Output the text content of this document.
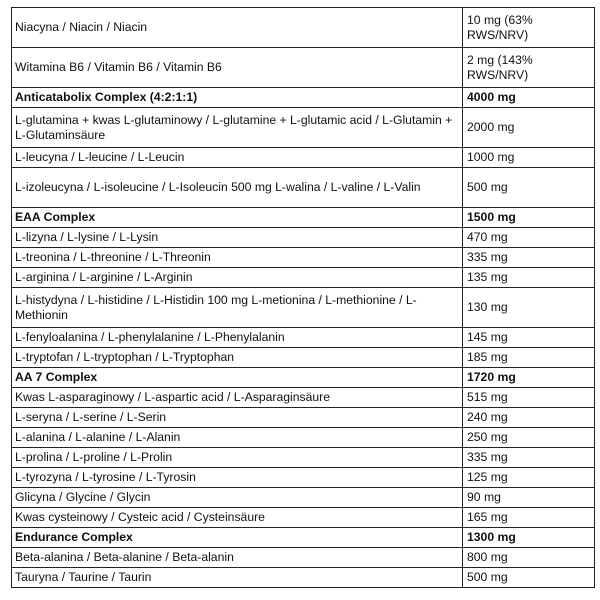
Niacyna / Niacin / Niacin	10 mg (63% RWS/NRV)
Witamina B6 / Vitamin B6 / Vitamin B6	2 mg (143% RWS/NRV)
Anticatabolix Complex (4:2:1:1)	4000 mg
L-glutamina + kwas L-glutaminowy / L-glutamine + L-glutamic acid / L-Glutamin + L-Glutaminsäure	2000 mg
L-leucyna / L-leucine / L-Leucin	1000 mg
L-izoleucyna / L-isoleucine / L-Isoleucin 500 mg L-walina / L-valine / L-Valin	500 mg
EAA Complex	1500 mg
L-lizyna / L-lysine / L-Lysin	470 mg
L-treonina / L-threonine / L-Threonin	335 mg
L-arginina / L-arginine / L-Arginin	135 mg
L-histydyna / L-histidine / L-Histidin 100 mg L-metionina / L-methionine / L-Methionin	130 mg
L-fenyloalanina / L-phenylalanine / L-Phenylalanin	145 mg
L-tryptofan / L-tryptophan / L-Tryptophan	185 mg
AA 7 Complex	1720 mg
Kwas L-asparaginowy / L-aspartic acid / L-Asparaginsäure	515 mg
L-seryna / L-serine / L-Serin	240 mg
L-alanina / L-alanine / L-Alanin	250 mg
L-prolina / L-proline / L-Prolin	335 mg
L-tyrozyna / L-tyrosine / L-Tyrosin	125 mg
Glicyna / Glycine / Glycin	90 mg
Kwas cysteinowy / Cysteic acid / Cysteinsäure	165 mg
Endurance Complex	1300 mg
Beta-alanina / Beta-alanine / Beta-alanin	800 mg
Tauryna / Taurine / Taurin	500 mg
